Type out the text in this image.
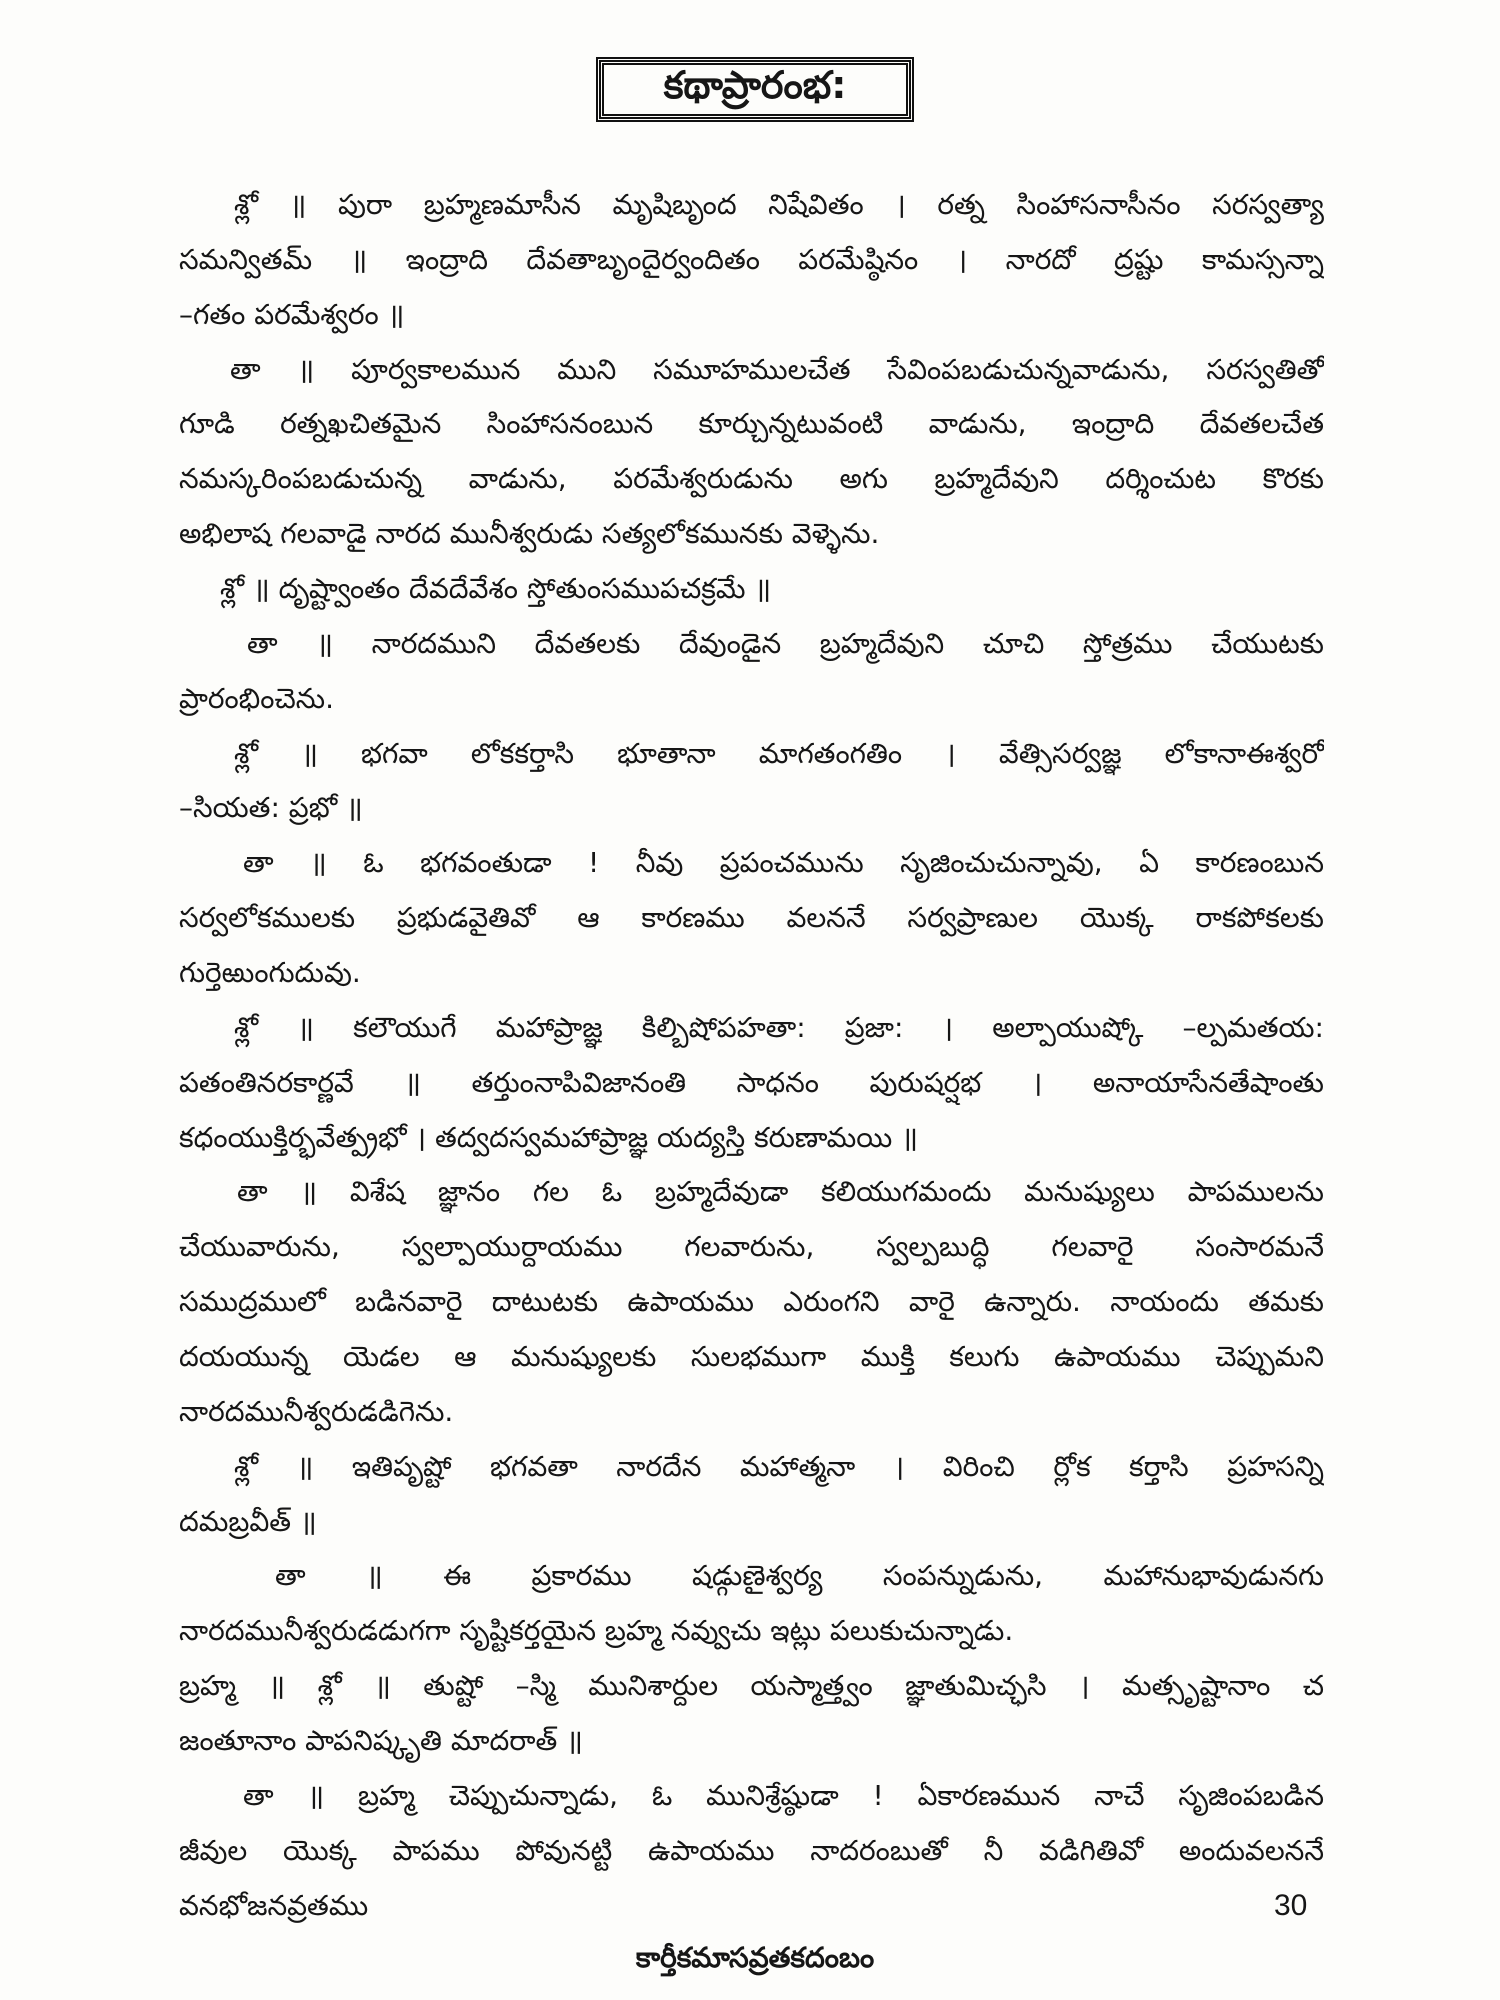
కథాప్రారంభ:
శ్లో ॥ పురా బ్రహ్మణమాసీన మృషిబృంద నిషేవితం । రత్న సింహాసనాసీనం సరస్వత్యా
సమన్వితమ్ ॥ ఇంద్రాది దేవతాబృందైర్వందితం పరమేష్ఠినం । నారదో ద్రష్టు కామస్సన్నా
–గతం పరమేశ్వరం ॥
తా ॥ పూర్వకాలమున ముని సమూహములచేత సేవింపబడుచున్నవాడును, సరస్వతితో
గూడి రత్నఖచితమైన సింహాసనంబున కూర్చున్నటువంటి వాడును, ఇంద్రాది దేవతలచేత
నమస్కరింపబడుచున్న వాడును, పరమేశ్వరుడును అగు బ్రహ్మదేవుని దర్శించుట కొరకు
అభిలాష గలవాడై నారద మునీశ్వరుడు సత్యలోకమునకు వెళ్ళెను.
శ్లో ॥ దృష్ట్వాంతం దేవదేవేశం స్తోతుంసముపచక్రమే ॥
తా ॥ నారదముని దేవతలకు దేవుండైన బ్రహ్మదేవుని చూచి స్తోత్రము చేయుటకు
ప్రారంభించెను.
శ్లో ॥ భగవా లోకకర్తాసి భూతానా మాగతంగతిం । వేత్సిసర్వజ్ఞ లోకానాఈశ్వరో
–సియత: ప్రభో ॥
తా ॥ ఓ భగవంతుడా ! నీవు ప్రపంచమును సృజించుచున్నావు, ఏ కారణంబున
సర్వలోకములకు ప్రభుడవైతివో ఆ కారణము వలననే సర్వప్రాణుల యొక్క రాకపోకలకు
గుర్తెఱుంగుదువు.
శ్లో ॥ కలౌయుగే మహాప్రాజ్ఞ కిల్బిషోపహతా: ప్రజా: । అల్పాయుష్కో –ల్పమతయ:
పతంతినరకార్ణవే ॥ తర్తుంనాపివిజానంతి సాధనం పురుషర్షభ । అనాయాసేనతేషాంతు
కధంయుక్తిర్భవేత్ప్రభో । తద్వదస్వమహాప్రాజ్ఞ యద్యస్తి కరుణామయి ॥
తా ॥ విశేష జ్ఞానం గల ఓ బ్రహ్మదేవుడా కలియుగమందు మనుష్యులు పాపములను
చేయువారును, స్వల్పాయుర్దాయము గలవారును, స్వల్పబుద్ధి గలవారై సంసారమనే
సముద్రములో బడినవారై దాటుటకు ఉపాయము ఎరుంగని వారై ఉన్నారు. నాయందు తమకు
దయయున్న యెడల ఆ మనుష్యులకు సులభముగా ముక్తి కలుగు ఉపాయము చెప్పుమని
నారదమునీశ్వరుడడిగెను.
శ్లో ॥ ఇతిపృష్టో భగవతా నారదేన మహాత్మనా । విరించి ర్లోక కర్తాసి ప్రహసన్ని
దమబ్రవీత్ ॥
తా ॥ ఈ ప్రకారము షడ్గుణైశ్వర్య సంపన్నుడును, మహానుభావుడునగు
నారదమునీశ్వరుడడుగగా సృష్టికర్తయైన బ్రహ్మ నవ్వుచు ఇట్లు పలుకుచున్నాడు.
బ్రహ్మ ॥ శ్లో ॥ తుష్టో –స్మి మునిశార్దుల యస్మాత్త్వం జ్ఞాతుమిచ్ఛసి । మత్సృష్టానాం చ
జంతూనాం పాపనిష్కృతి మాదరాత్ ॥
తా ॥ బ్రహ్మ చెప్పుచున్నాడు, ఓ మునిశ్రేష్ఠుడా ! ఏకారణమున నాచే సృజింపబడిన
జీవుల యొక్క పాపము పోవునట్టి ఉపాయము నాదరంబుతో నీ వడిగితివో అందువలననే
వనభోజనవ్రతము	30
కార్తీకమాసవ్రతకదంబం
